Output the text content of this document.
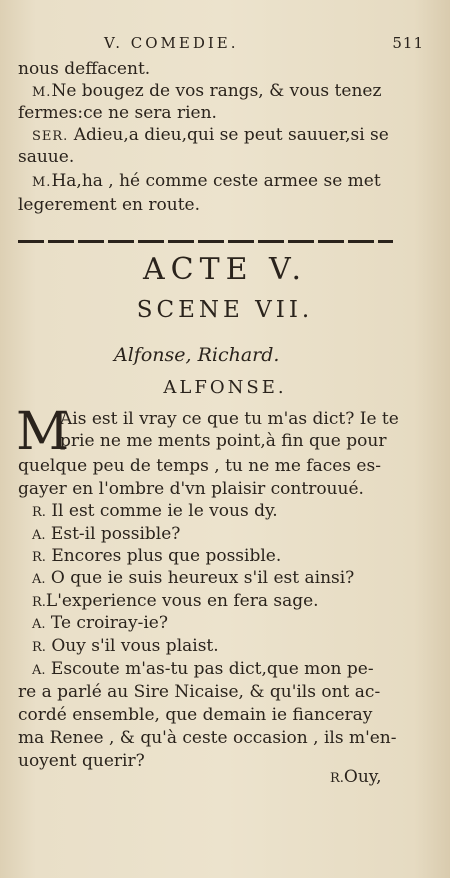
V. COMEDIE.	511
nous deffacent.
M.Ne bougez de vos rangs, & vous tenez
fermes:ce ne sera rien.
SER. Adieu,a dieu,qui se peut sauuer,si se
sauue.
M.Ha,ha , hé comme ceste armee se met
legerement en route.
ACTE V.
SCENE VII.
Alfonse, Richard.
ALFONSE.
M
Ais est il vray ce que tu m'as dict? Ie te
prie ne me ments point,à fin que pour
quelque peu de temps , tu ne me faces es-
gayer en l'ombre d'vn plaisir controuué.
R. Il est comme ie le vous dy.
A. Est-il possible?
R. Encores plus que possible.
A. O que ie suis heureux s'il est ainsi?
R.L'experience vous en fera sage.
A. Te croiray-ie?
R. Ouy s'il vous plaist.
A. Escoute m'as-tu pas dict,que mon pe-
re a parlé au Sire Nicaise, & qu'ils ont ac-
cordé ensemble, que demain ie fianceray
ma Renee , & qu'à ceste occasion , ils m'en-
uoyent querir?
R.Ouy,
